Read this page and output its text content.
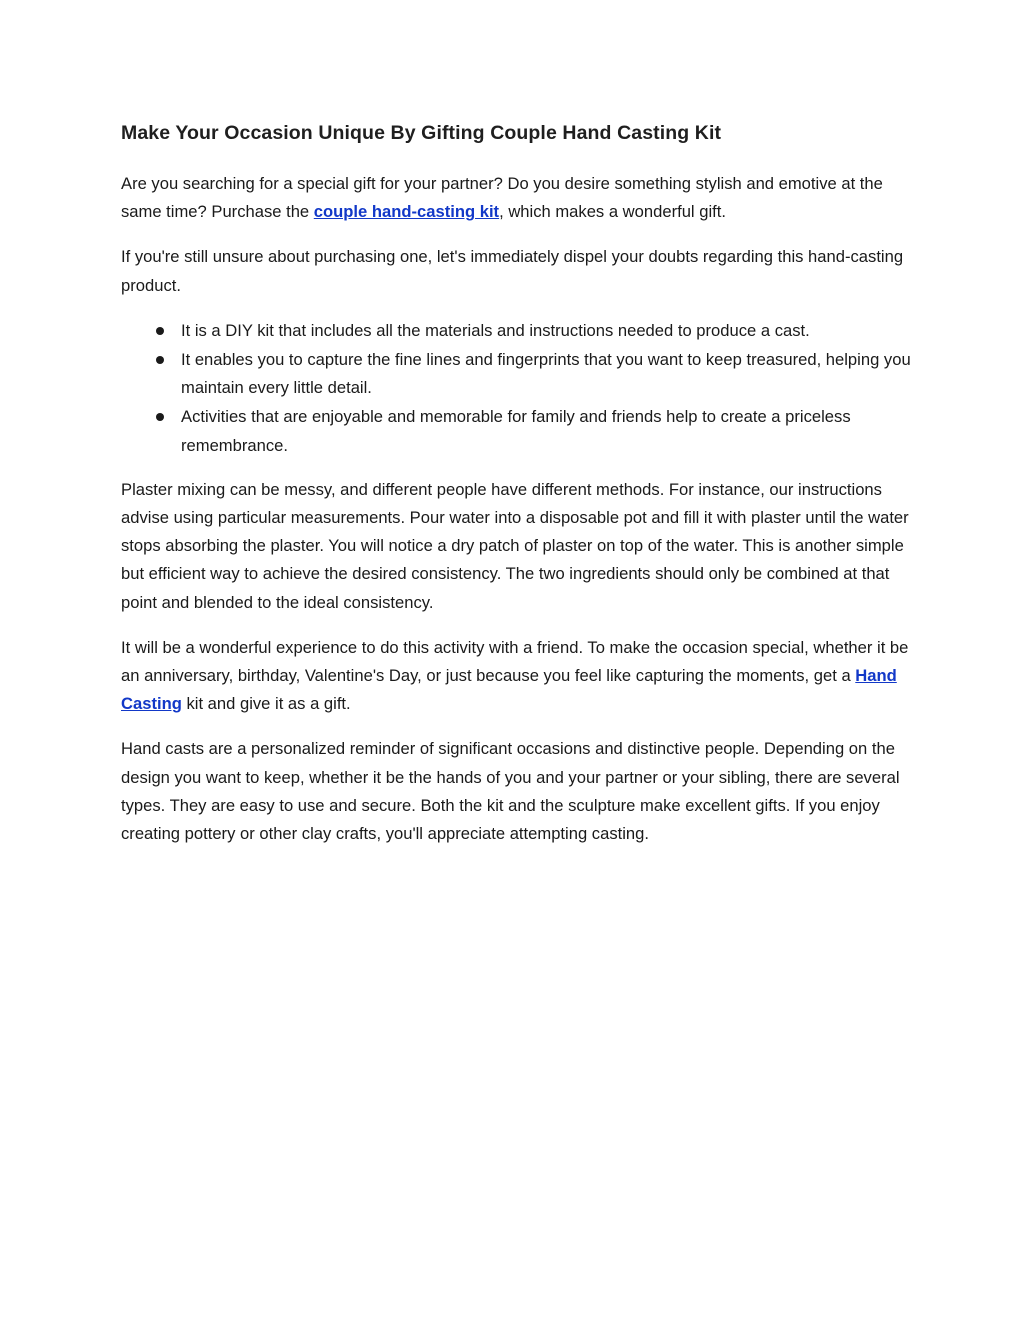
Make Your Occasion Unique By Gifting Couple Hand Casting Kit

Are you searching for a special gift for your partner? Do you desire something stylish and emotive at the same time? Purchase the couple hand-casting kit, which makes a wonderful gift.

If you're still unsure about purchasing one, let's immediately dispel your doubts regarding this hand-casting product.

It is a DIY kit that includes all the materials and instructions needed to produce a cast.
It enables you to capture the fine lines and fingerprints that you want to keep treasured, helping you maintain every little detail.
Activities that are enjoyable and memorable for family and friends help to create a priceless remembrance.

Plaster mixing can be messy, and different people have different methods. For instance, our instructions advise using particular measurements. Pour water into a disposable pot and fill it with plaster until the water stops absorbing the plaster. You will notice a dry patch of plaster on top of the water. This is another simple but efficient way to achieve the desired consistency. The two ingredients should only be combined at that point and blended to the ideal consistency.

It will be a wonderful experience to do this activity with a friend. To make the occasion special, whether it be an anniversary, birthday, Valentine's Day, or just because you feel like capturing the moments, get a Hand Casting kit and give it as a gift.

Hand casts are a personalized reminder of significant occasions and distinctive people. Depending on the design you want to keep, whether it be the hands of you and your partner or your sibling, there are several types. They are easy to use and secure. Both the kit and the sculpture make excellent gifts. If you enjoy creating pottery or other clay crafts, you'll appreciate attempting casting.
